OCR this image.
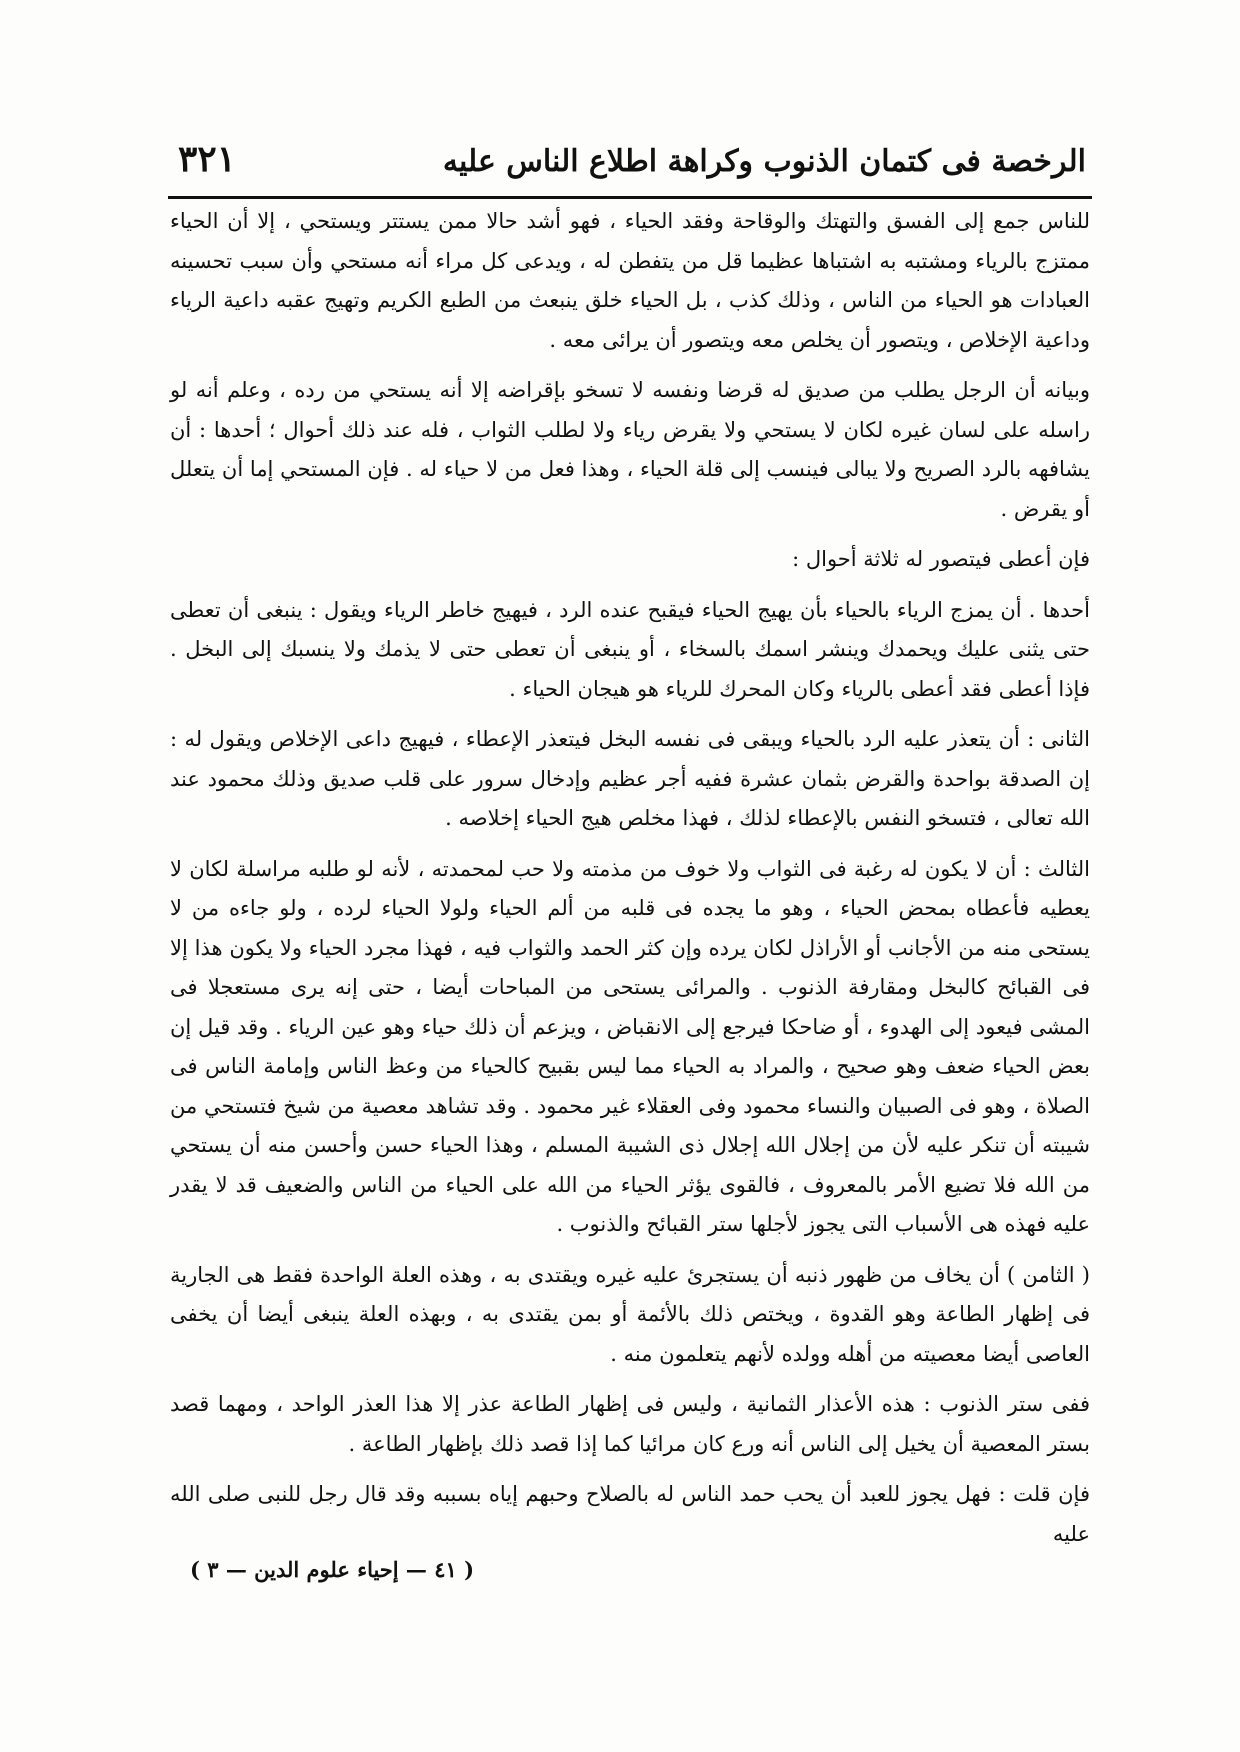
الرخصة فى كتمان الذنوب وكراهة اطلاع الناس عليه
٣٢١

للناس جمع إلى الفسق والتهتك والوقاحة وفقد الحياء ، فهو أشد حالا ممن يستتر ويستحي ، إلا أن الحياء ممتزج بالرياء ومشتبه به اشتباها عظيما قل من يتفطن له ، ويدعى كل مراء أنه مستحي وأن سبب تحسينه العبادات هو الحياء من الناس ، وذلك كذب ، بل الحياء خلق ينبعث من الطبع الكريم وتهيج عقبه داعية الرياء وداعية الإخلاص ، ويتصور أن يخلص معه ويتصور أن يرائى معه .

وبيانه أن الرجل يطلب من صديق له قرضا ونفسه لا تسخو بإقراضه إلا أنه يستحي من رده ، وعلم أنه لو راسله على لسان غيره لكان لا يستحي ولا يقرض رياء ولا لطلب الثواب ، فله عند ذلك أحوال ؛ أحدها : أن يشافهه بالرد الصريح ولا يبالى فينسب إلى قلة الحياء ، وهذا فعل من لا حياء له . فإن المستحي إما أن يتعلل أو يقرض .

فإن أعطى فيتصور له ثلاثة أحوال :

أحدها . أن يمزج الرياء بالحياء بأن يهيج الحياء فيقبح عنده الرد ، فيهيج خاطر الرياء ويقول : ينبغى أن تعطى حتى يثنى عليك ويحمدك وينشر اسمك بالسخاء ، أو ينبغى أن تعطى حتى لا يذمك ولا ينسبك إلى البخل . فإذا أعطى فقد أعطى بالرياء وكان المحرك للرياء هو هيجان الحياء .

الثانى : أن يتعذر عليه الرد بالحياء ويبقى فى نفسه البخل فيتعذر الإعطاء ، فيهيج داعى الإخلاص ويقول له : إن الصدقة بواحدة والقرض بثمان عشرة ففيه أجر عظيم وإدخال سرور على قلب صديق وذلك محمود عند الله تعالى ، فتسخو النفس بالإعطاء لذلك ، فهذا مخلص هيج الحياء إخلاصه .

الثالث : أن لا يكون له رغبة فى الثواب ولا خوف من مذمته ولا حب لمحمدته ، لأنه لو طلبه مراسلة لكان لا يعطيه فأعطاه بمحض الحياء ، وهو ما يجده فى قلبه من ألم الحياء ولولا الحياء لرده ، ولو جاءه من لا يستحى منه من الأجانب أو الأراذل لكان يرده وإن كثر الحمد والثواب فيه ، فهذا مجرد الحياء ولا يكون هذا إلا فى القبائح كالبخل ومقارفة الذنوب . والمرائى يستحى من المباحات أيضا ، حتى إنه يرى مستعجلا فى المشى فيعود إلى الهدوء ، أو ضاحكا فيرجع إلى الانقباض ، ويزعم أن ذلك حياء وهو عين الرياء . وقد قيل إن بعض الحياء ضعف وهو صحيح ، والمراد به الحياء مما ليس بقبيح كالحياء من وعظ الناس وإمامة الناس فى الصلاة ، وهو فى الصبيان والنساء محمود وفى العقلاء غير محمود . وقد تشاهد معصية من شيخ فتستحي من شيبته أن تنكر عليه لأن من إجلال الله إجلال ذى الشيبة المسلم ، وهذا الحياء حسن وأحسن منه أن يستحي من الله فلا تضيع الأمر بالمعروف ، فالقوى يؤثر الحياء من الله على الحياء من الناس والضعيف قد لا يقدر عليه فهذه هى الأسباب التى يجوز لأجلها ستر القبائح والذنوب .

( الثامن ) أن يخاف من ظهور ذنبه أن يستجرئ عليه غيره ويقتدى به ، وهذه العلة الواحدة فقط هى الجارية فى إظهار الطاعة وهو القدوة ، ويختص ذلك بالأئمة أو بمن يقتدى به ، وبهذه العلة ينبغى أيضا أن يخفى العاصى أيضا معصيته من أهله وولده لأنهم يتعلمون منه .

ففى ستر الذنوب : هذه الأعذار الثمانية ، وليس فى إظهار الطاعة عذر إلا هذا العذر الواحد ، ومهما قصد بستر المعصية أن يخيل إلى الناس أنه ورع كان مرائيا كما إذا قصد ذلك بإظهار الطاعة .

فإن قلت : فهل يجوز للعبد أن يحب حمد الناس له بالصلاح وحبهم إياه بسببه وقد قال رجل للنبى صلى الله عليه

( ٤١ — إحياء علوم الدين — ٣ )
